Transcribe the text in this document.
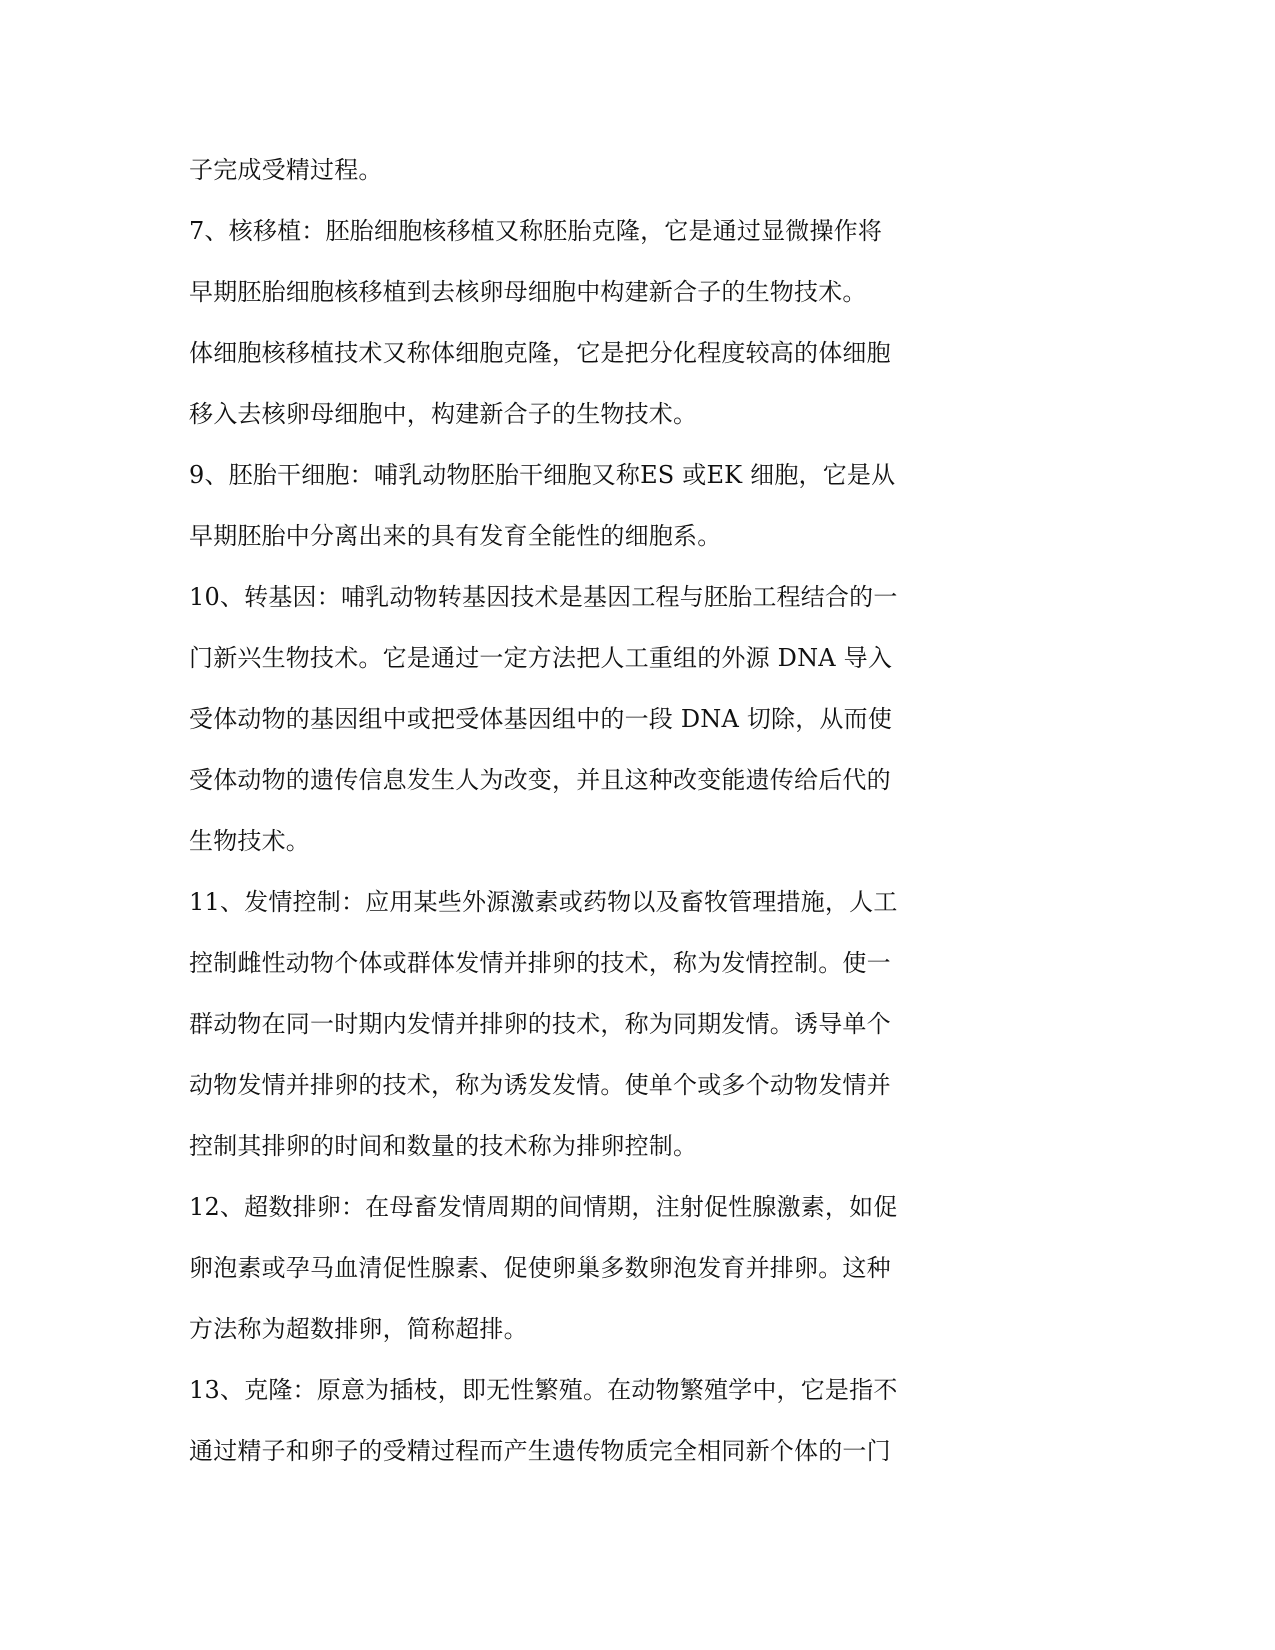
子完成受精过程。
7、核移植：胚胎细胞核移植又称胚胎克隆，它是通过显微操作将
早期胚胎细胞核移植到去核卵母细胞中构建新合子的生物技术。
体细胞核移植技术又称体细胞克隆，它是把分化程度较高的体细胞
移入去核卵母细胞中，构建新合子的生物技术。
9、胚胎干细胞：哺乳动物胚胎干细胞又称ES 或EK 细胞，它是从
早期胚胎中分离出来的具有发育全能性的细胞系。
10、转基因：哺乳动物转基因技术是基因工程与胚胎工程结合的一
门新兴生物技术。它是通过一定方法把人工重组的外源 DNA 导入
受体动物的基因组中或把受体基因组中的一段 DNA 切除，从而使
受体动物的遗传信息发生人为改变，并且这种改变能遗传给后代的
生物技术。
11、发情控制：应用某些外源激素或药物以及畜牧管理措施，人工
控制雌性动物个体或群体发情并排卵的技术，称为发情控制。使一
群动物在同一时期内发情并排卵的技术，称为同期发情。诱导单个
动物发情并排卵的技术，称为诱发发情。使单个或多个动物发情并
控制其排卵的时间和数量的技术称为排卵控制。
12、超数排卵：在母畜发情周期的间情期，注射促性腺激素，如促
卵泡素或孕马血清促性腺素、促使卵巢多数卵泡发育并排卵。这种
方法称为超数排卵，简称超排。
13、克隆：原意为插枝，即无性繁殖。在动物繁殖学中，它是指不
通过精子和卵子的受精过程而产生遗传物质完全相同新个体的一门
